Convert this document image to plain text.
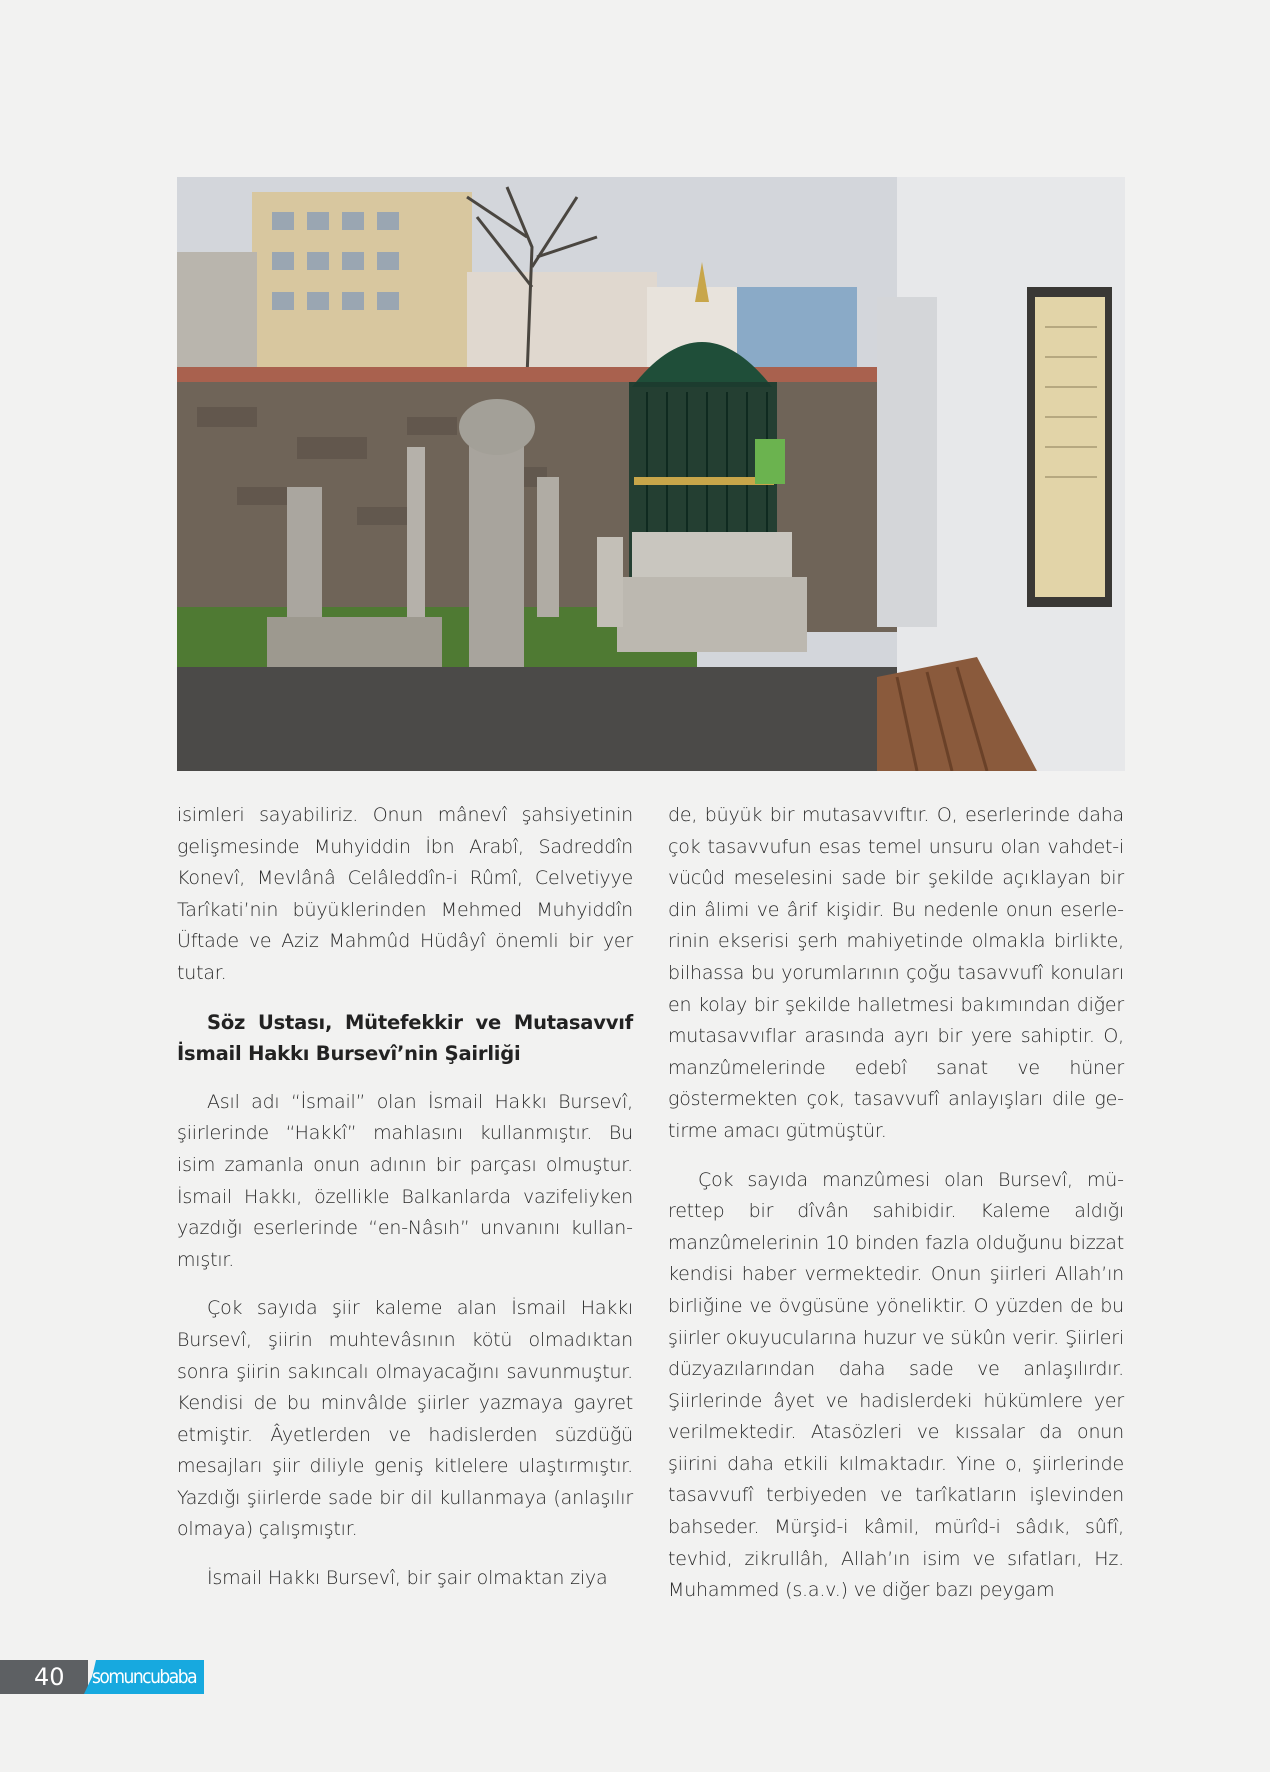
isimleri sayabiliriz. Onun mânevî şahsiyetinin gelişmesinde Muhyiddin İbn Arabî, Sadreddîn Konevî, Mevlânâ Celâleddîn-i Rûmî, Celvetiyye Tarîkati’nin büyüklerinden Mehmed Muhyiddîn Üftade ve Aziz Mahmûd Hüdâyî önemli bir yer tutar.

Söz Ustası, Mütefekkir ve Mutasavvıf İsmail Hakkı Bursevî’nin Şairliği

Asıl adı “İsmail” olan İsmail Hakkı Bursevî, şiirlerinde “Hakkî” mahlasını kullanmıştır. Bu isim zamanla onun adının bir parçası olmuştur. İsmail Hakkı, özellikle Balkanlarda vazifeliyken yazdığı eserlerinde “en-Nâsıh” unvanını kullanmıştır.

Çok sayıda şiir kaleme alan İsmail Hakkı Bursevî, şiirin muhtevâsının kötü olmadıktan sonra şiirin sakıncalı olmayacağını savunmuştur. Kendisi de bu minvâlde şiirler yazmaya gayret etmiştir. Âyetlerden ve hadislerden süzdüğü mesajları şiir diliyle geniş kitlelere ulaştırmıştır. Yazdığı şiirlerde sade bir dil kullanmaya (anlaşılır olmaya) çalışmıştır.

İsmail Hakkı Bursevî, bir şair olmaktan ziya

de, büyük bir mutasavvıftır. O, eserlerinde daha çok tasavvufun esas temel unsuru olan vahdet-i vücûd meselesini sade bir şekilde açıklayan bir din âlimi ve ârif kişidir. Bu nedenle onun eserlerinin ekserisi şerh mahiyetinde olmakla birlikte, bilhassa bu yorumlarının çoğu tasavvufî konuları en kolay bir şekilde halletmesi bakımından diğer mutasavvıflar arasında ayrı bir yere sahiptir. O, manzûmelerinde edebî sanat ve hüner göstermekten çok, tasavvufî anlayışları dile getirme amacı gütmüştür.

Çok sayıda manzûmesi olan Bursevî, mürettep bir dîvân sahibidir. Kaleme aldığı manzûmelerinin 10 binden fazla olduğunu bizzat kendisi haber vermektedir. Onun şiirleri Allah’ın birliğine ve övgüsüne yöneliktir. O yüzden de bu şiirler okuyucularına huzur ve sükûn verir. Şiirleri düzyazılarından daha sade ve anlaşılırdır. Şiirlerinde âyet ve hadislerdeki hükümlere yer verilmektedir. Atasözleri ve kıssalar da onun şiirini daha etkili kılmaktadır. Yine o, şiirlerinde tasavvufî terbiyeden ve tarîkatların işlevinden bahseder. Mürşid-i kâmil, mürîd-i sâdık, sûfî, tevhid, zikrullâh, Allah’ın isim ve sıfatları, Hz. Muhammed (s.a.v.) ve diğer bazı peygam

40 somuncubaba
